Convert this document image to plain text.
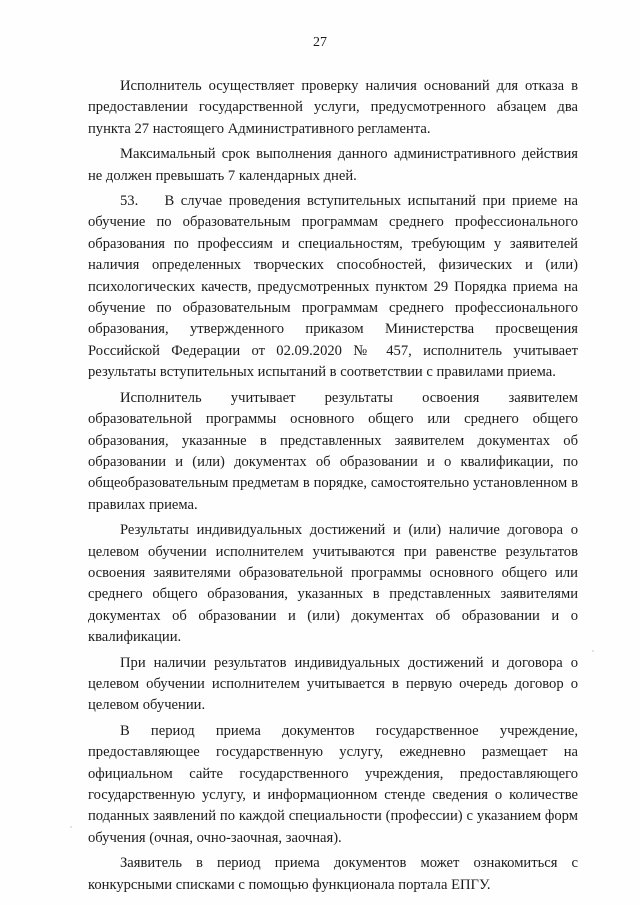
27

Исполнитель осуществляет проверку наличия оснований для отказа в предоставлении государственной услуги, предусмотренного абзацем два пункта 27 настоящего Административного регламента.

Максимальный срок выполнения данного административного действия не должен превышать 7 календарных дней.

53.    В случае проведения вступительных испытаний при приеме на обучение по образовательным программам среднего профессионального образования по профессиям и специальностям, требующим у заявителей наличия определенных творческих способностей, физических и (или) психологических качеств, предусмотренных пунктом 29 Порядка приема на обучение по образовательным программам среднего профессионального образования, утвержденного приказом Министерства просвещения Российской Федерации от 02.09.2020 № 457, исполнитель учитывает результаты вступительных испытаний в соответствии с правилами приема.

Исполнитель учитывает результаты освоения заявителем образовательной программы основного общего или среднего общего образования, указанные в представленных заявителем документах об образовании и (или) документах об образовании и о квалификации, по общеобразовательным предметам в порядке, самостоятельно установленном в правилах приема.

Результаты индивидуальных достижений и (или) наличие договора о целевом обучении исполнителем учитываются при равенстве результатов освоения заявителями образовательной программы основного общего или среднего общего образования, указанных в представленных заявителями документах об образовании и (или) документах об образовании и о квалификации.

При наличии результатов индивидуальных достижений и договора о целевом обучении исполнителем учитывается в первую очередь договор о целевом обучении.

В период приема документов государственное учреждение, предоставляющее государственную услугу, ежедневно размещает на официальном сайте государственного учреждения, предоставляющего государственную услугу, и информационном стенде сведения о количестве поданных заявлений по каждой специальности (профессии) с указанием форм обучения (очная, очно-заочная, заочная).

Заявитель в период приема документов может ознакомиться с конкурсными списками с помощью функционала портала ЕПГУ.
